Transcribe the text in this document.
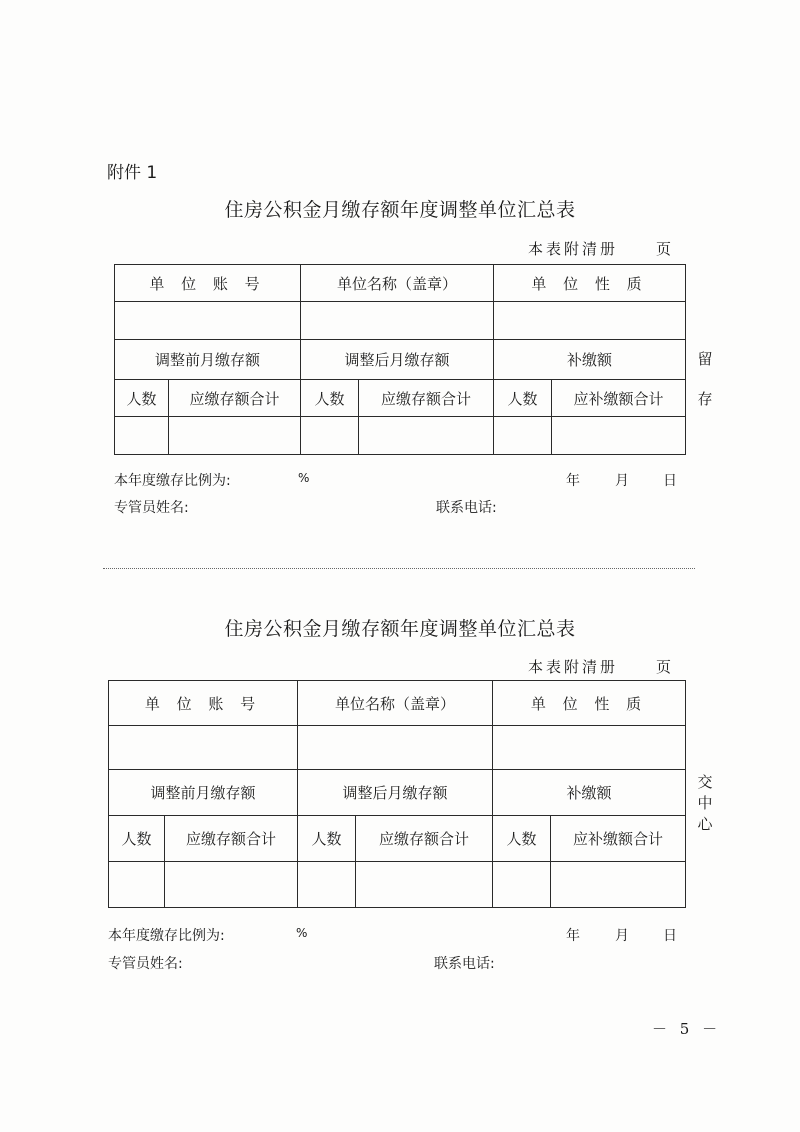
附件 1
住房公积金月缴存额年度调整单位汇总表
本表附清册	页
单 位 账 号		单位名称（盖章）		单 位 性 质	

调整前月缴存额		调整后月缴存额		补缴额	
人数	应缴存额合计	人数	应缴存额合计	人数	应补缴额合计

留
存
本年度缴存比例为:	%	年	月 日
专管员姓名:	联系电话:
住房公积金月缴存额年度调整单位汇总表
本表附清册	页
单 位 账 号		单位名称（盖章）		单 位 性 质	

调整前月缴存额		调整后月缴存额		补缴额	
人数	应缴存额合计	人数	应缴存额合计	人数	应补缴额合计

交
中
心
本年度缴存比例为:	%	年	月 日
专管员姓名:	联系电话:
－ 5 －
